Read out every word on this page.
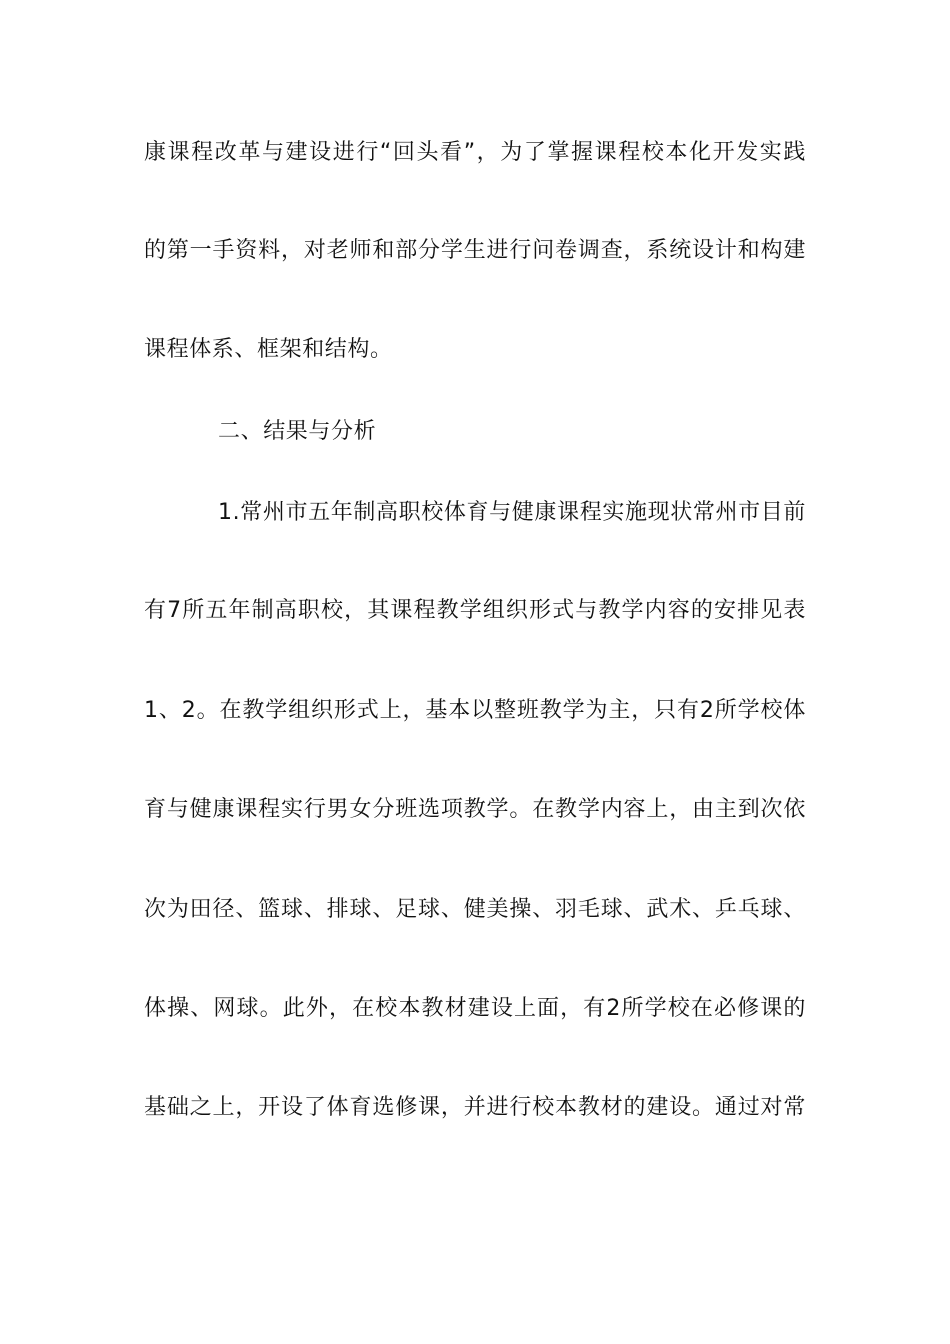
康课程改革与建设进行“回头看”，为了掌握课程校本化开发实践
的第一手资料，对老师和部分学生进行问卷调查，系统设计和构建
课程体系、框架和结构。
二、结果与分析
1.常州市五年制高职校体育与健康课程实施现状常州市目前
有7所五年制高职校，其课程教学组织形式与教学内容的安排见表
1、2。在教学组织形式上，基本以整班教学为主，只有2所学校体
育与健康课程实行男女分班选项教学。在教学内容上，由主到次依
次为田径、篮球、排球、足球、健美操、羽毛球、武术、乒乓球、
体操、网球。此外，在校本教材建设上面，有2所学校在必修课的
基础之上，开设了体育选修课，并进行校本教材的建设。通过对常
